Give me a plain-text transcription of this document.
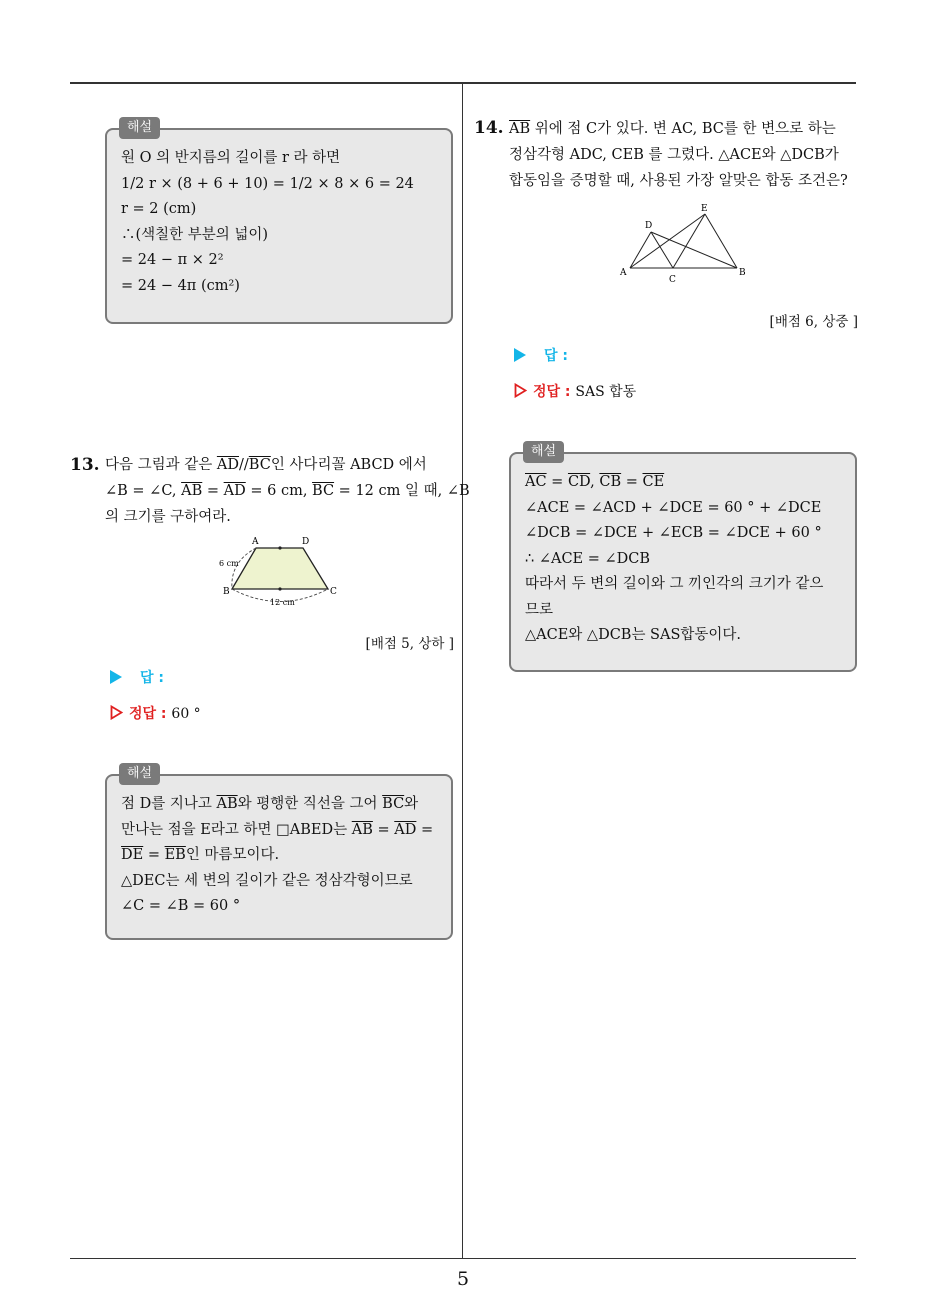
해설
원 O 의 반지름의 길이를 r 라 하면
1/2 r × (8 + 6 + 10) = 1/2 × 8 × 6 = 24
r = 2 (cm)
∴(색칠한 부분의 넓이)
= 24 − π × 2²
= 24 − 4π (cm²)
13. 다음 그림과 같은 $\overline{AD}//\overline{BC}$인 사다리꼴 ABCD 에서
∠B = ∠C, $\overline{AB} = \overline{AD} = 6$ cm, $\overline{BC} = 12$ cm 일 때, ∠B
의 크기를 구하여라.
A	D
B	C
6 cm
12 cm
[배점 5, 상하 ]
답 :
정답 : 60 °
해설
점 D를 지나고 $\overline{AB}$와 평행한 직선을 그어 $\overline{BC}$와
만나는 점을 E라고 하면 □ABED는 $\overline{AB} = \overline{AD}$ =
$\overline{DE} = \overline{EB}$인 마름모이다.
△DEC는 세 변의 길이가 같은 정삼각형이므로
∠C = ∠B = 60 °
14. $\overline{AB}$ 위에 점 C가 있다. 변 AC, BC를 한 변으로 하는
정삼각형 ADC, CEB 를 그렸다. △ACE와 △DCB가
합동임을 증명할 때, 사용된 가장 알맞은 합동 조건은?
A	B
C
D
E
[배점 6, 상중 ]
답 :
정답 : SAS 합동
해설
$\overline{AC} = \overline{CD}$, $\overline{CB} = \overline{CE}$
∠ACE = ∠ACD + ∠DCE = 60 ° + ∠DCE
∠DCB = ∠DCE + ∠ECB = ∠DCE + 60 °
∴ ∠ACE = ∠DCB
따라서 두 변의 길이와 그 끼인각의 크기가 같으
므로
△ACE와 △DCB는 SAS합동이다.
5
